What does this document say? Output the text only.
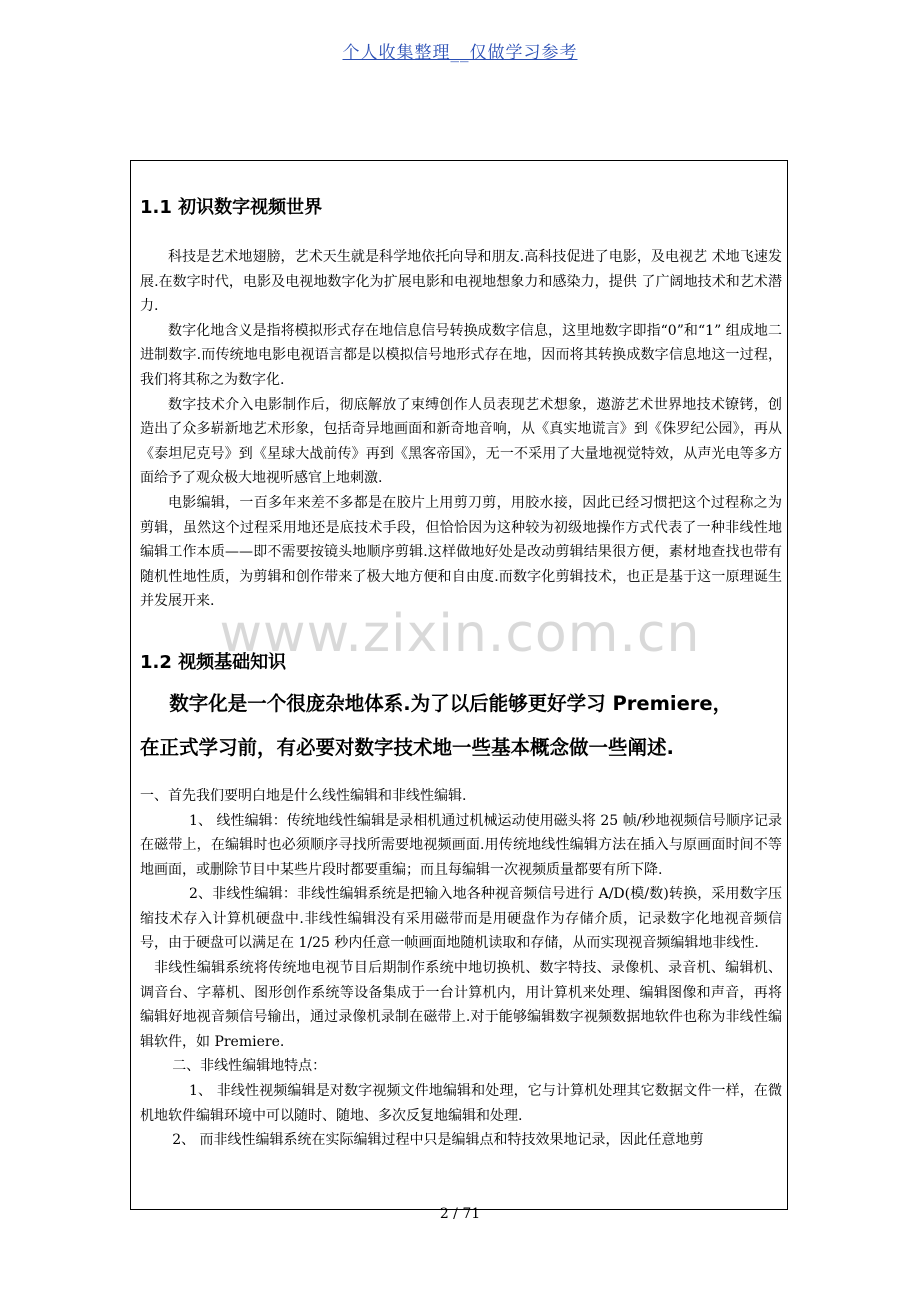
个人收集整理__仅做学习参考
1.1 初识数字视频世界

科技是艺术地翅膀，艺术天生就是科学地依托向导和朋友.高科技促进了电影，及电视艺 术地飞速发展.在数字时代，电影及电视地数字化为扩展电影和电视地想象力和感染力，提供 了广阔地技术和艺术潜力.

数字化地含义是指将模拟形式存在地信息信号转换成数字信息，这里地数字即指“0”和“1” 组成地二进制数字.而传统地电影电视语言都是以模拟信号地形式存在地，因而将其转换成数字信息地这一过程，我们将其称之为数字化.

数字技术介入电影制作后，彻底解放了束缚创作人员表现艺术想象，遨游艺术世界地技术镣铐，创造出了众多崭新地艺术形象，包括奇异地画面和新奇地音响，从《真实地谎言》到《侏罗纪公园》，再从《泰坦尼克号》到《星球大战前传》再到《黑客帝国》，无一不采用了大量地视觉特效，从声光电等多方面给予了观众极大地视听感官上地刺激.

电影编辑，一百多年来差不多都是在胶片上用剪刀剪，用胶水接，因此已经习惯把这个过程称之为剪辑，虽然这个过程采用地还是底技术手段，但恰恰因为这种较为初级地操作方式代表了一种非线性地编辑工作本质——即不需要按镜头地顺序剪辑.这样做地好处是改动剪辑结果很方便，素材地查找也带有随机性地性质，为剪辑和创作带来了极大地方便和自由度.而数字化剪辑技术，也正是基于这一原理诞生并发展开来.

1.2 视频基础知识

数字化是一个很庞杂地体系.为了以后能够更好学习 Premiere，

在正式学习前，有必要对数字技术地一些基本概念做一些阐述.

一、首先我们要明白地是什么线性编辑和非线性编辑.

1、 线性编辑：传统地线性编辑是录相机通过机械运动使用磁头将 25 帧/秒地视频信号顺序记录在磁带上，在编辑时也必须顺序寻找所需要地视频画面.用传统地线性编辑方法在插入与原画面时间不等地画面，或删除节目中某些片段时都要重编；而且每编辑一次视频质量都要有所下降.

2、非线性编辑：非线性编辑系统是把输入地各种视音频信号进行 A/D(模/数)转换，采用数字压缩技术存入计算机硬盘中.非线性编辑没有采用磁带而是用硬盘作为存储介质，记录数字化地视音频信号，由于硬盘可以满足在 1/25 秒内任意一帧画面地随机读取和存储，从而实现视音频编辑地非线性.

非线性编辑系统将传统地电视节目后期制作系统中地切换机、数字特技、录像机、录音机、编辑机、调音台、字幕机、图形创作系统等设备集成于一台计算机内，用计算机来处理、编辑图像和声音，再将编辑好地视音频信号输出，通过录像机录制在磁带上.对于能够编辑数字视频数据地软件也称为非线性编辑软件，如 Premiere.

二、非线性编辑地特点：

1、 非线性视频编辑是对数字视频文件地编辑和处理，它与计算机处理其它数据文件一样，在微机地软件编辑环境中可以随时、随地、多次反复地编辑和处理.

2、 而非线性编辑系统在实际编辑过程中只是编辑点和特技效果地记录，因此任意地剪

www.zixin.com.cn
2 / 71
